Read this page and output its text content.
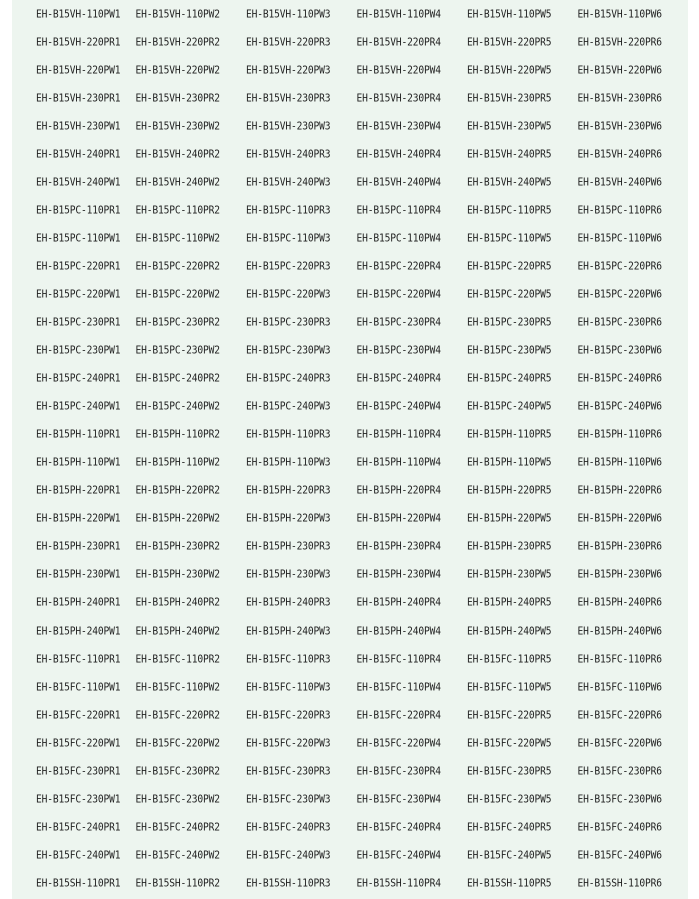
EH-B15VH-110PW1	EH-B15VH-110PW2	EH-B15VH-110PW3	EH-B15VH-110PW4	EH-B15VH-110PW5	EH-B15VH-110PW6
EH-B15VH-220PR1	EH-B15VH-220PR2	EH-B15VH-220PR3	EH-B15VH-220PR4	EH-B15VH-220PR5	EH-B15VH-220PR6
EH-B15VH-220PW1	EH-B15VH-220PW2	EH-B15VH-220PW3	EH-B15VH-220PW4	EH-B15VH-220PW5	EH-B15VH-220PW6
EH-B15VH-230PR1	EH-B15VH-230PR2	EH-B15VH-230PR3	EH-B15VH-230PR4	EH-B15VH-230PR5	EH-B15VH-230PR6
EH-B15VH-230PW1	EH-B15VH-230PW2	EH-B15VH-230PW3	EH-B15VH-230PW4	EH-B15VH-230PW5	EH-B15VH-230PW6
EH-B15VH-240PR1	EH-B15VH-240PR2	EH-B15VH-240PR3	EH-B15VH-240PR4	EH-B15VH-240PR5	EH-B15VH-240PR6
EH-B15VH-240PW1	EH-B15VH-240PW2	EH-B15VH-240PW3	EH-B15VH-240PW4	EH-B15VH-240PW5	EH-B15VH-240PW6
EH-B15PC-110PR1	EH-B15PC-110PR2	EH-B15PC-110PR3	EH-B15PC-110PR4	EH-B15PC-110PR5	EH-B15PC-110PR6
EH-B15PC-110PW1	EH-B15PC-110PW2	EH-B15PC-110PW3	EH-B15PC-110PW4	EH-B15PC-110PW5	EH-B15PC-110PW6
EH-B15PC-220PR1	EH-B15PC-220PR2	EH-B15PC-220PR3	EH-B15PC-220PR4	EH-B15PC-220PR5	EH-B15PC-220PR6
EH-B15PC-220PW1	EH-B15PC-220PW2	EH-B15PC-220PW3	EH-B15PC-220PW4	EH-B15PC-220PW5	EH-B15PC-220PW6
EH-B15PC-230PR1	EH-B15PC-230PR2	EH-B15PC-230PR3	EH-B15PC-230PR4	EH-B15PC-230PR5	EH-B15PC-230PR6
EH-B15PC-230PW1	EH-B15PC-230PW2	EH-B15PC-230PW3	EH-B15PC-230PW4	EH-B15PC-230PW5	EH-B15PC-230PW6
EH-B15PC-240PR1	EH-B15PC-240PR2	EH-B15PC-240PR3	EH-B15PC-240PR4	EH-B15PC-240PR5	EH-B15PC-240PR6
EH-B15PC-240PW1	EH-B15PC-240PW2	EH-B15PC-240PW3	EH-B15PC-240PW4	EH-B15PC-240PW5	EH-B15PC-240PW6
EH-B15PH-110PR1	EH-B15PH-110PR2	EH-B15PH-110PR3	EH-B15PH-110PR4	EH-B15PH-110PR5	EH-B15PH-110PR6
EH-B15PH-110PW1	EH-B15PH-110PW2	EH-B15PH-110PW3	EH-B15PH-110PW4	EH-B15PH-110PW5	EH-B15PH-110PW6
EH-B15PH-220PR1	EH-B15PH-220PR2	EH-B15PH-220PR3	EH-B15PH-220PR4	EH-B15PH-220PR5	EH-B15PH-220PR6
EH-B15PH-220PW1	EH-B15PH-220PW2	EH-B15PH-220PW3	EH-B15PH-220PW4	EH-B15PH-220PW5	EH-B15PH-220PW6
EH-B15PH-230PR1	EH-B15PH-230PR2	EH-B15PH-230PR3	EH-B15PH-230PR4	EH-B15PH-230PR5	EH-B15PH-230PR6
EH-B15PH-230PW1	EH-B15PH-230PW2	EH-B15PH-230PW3	EH-B15PH-230PW4	EH-B15PH-230PW5	EH-B15PH-230PW6
EH-B15PH-240PR1	EH-B15PH-240PR2	EH-B15PH-240PR3	EH-B15PH-240PR4	EH-B15PH-240PR5	EH-B15PH-240PR6
EH-B15PH-240PW1	EH-B15PH-240PW2	EH-B15PH-240PW3	EH-B15PH-240PW4	EH-B15PH-240PW5	EH-B15PH-240PW6
EH-B15FC-110PR1	EH-B15FC-110PR2	EH-B15FC-110PR3	EH-B15FC-110PR4	EH-B15FC-110PR5	EH-B15FC-110PR6
EH-B15FC-110PW1	EH-B15FC-110PW2	EH-B15FC-110PW3	EH-B15FC-110PW4	EH-B15FC-110PW5	EH-B15FC-110PW6
EH-B15FC-220PR1	EH-B15FC-220PR2	EH-B15FC-220PR3	EH-B15FC-220PR4	EH-B15FC-220PR5	EH-B15FC-220PR6
EH-B15FC-220PW1	EH-B15FC-220PW2	EH-B15FC-220PW3	EH-B15FC-220PW4	EH-B15FC-220PW5	EH-B15FC-220PW6
EH-B15FC-230PR1	EH-B15FC-230PR2	EH-B15FC-230PR3	EH-B15FC-230PR4	EH-B15FC-230PR5	EH-B15FC-230PR6
EH-B15FC-230PW1	EH-B15FC-230PW2	EH-B15FC-230PW3	EH-B15FC-230PW4	EH-B15FC-230PW5	EH-B15FC-230PW6
EH-B15FC-240PR1	EH-B15FC-240PR2	EH-B15FC-240PR3	EH-B15FC-240PR4	EH-B15FC-240PR5	EH-B15FC-240PR6
EH-B15FC-240PW1	EH-B15FC-240PW2	EH-B15FC-240PW3	EH-B15FC-240PW4	EH-B15FC-240PW5	EH-B15FC-240PW6
EH-B15SH-110PR1	EH-B15SH-110PR2	EH-B15SH-110PR3	EH-B15SH-110PR4	EH-B15SH-110PR5	EH-B15SH-110PR6
